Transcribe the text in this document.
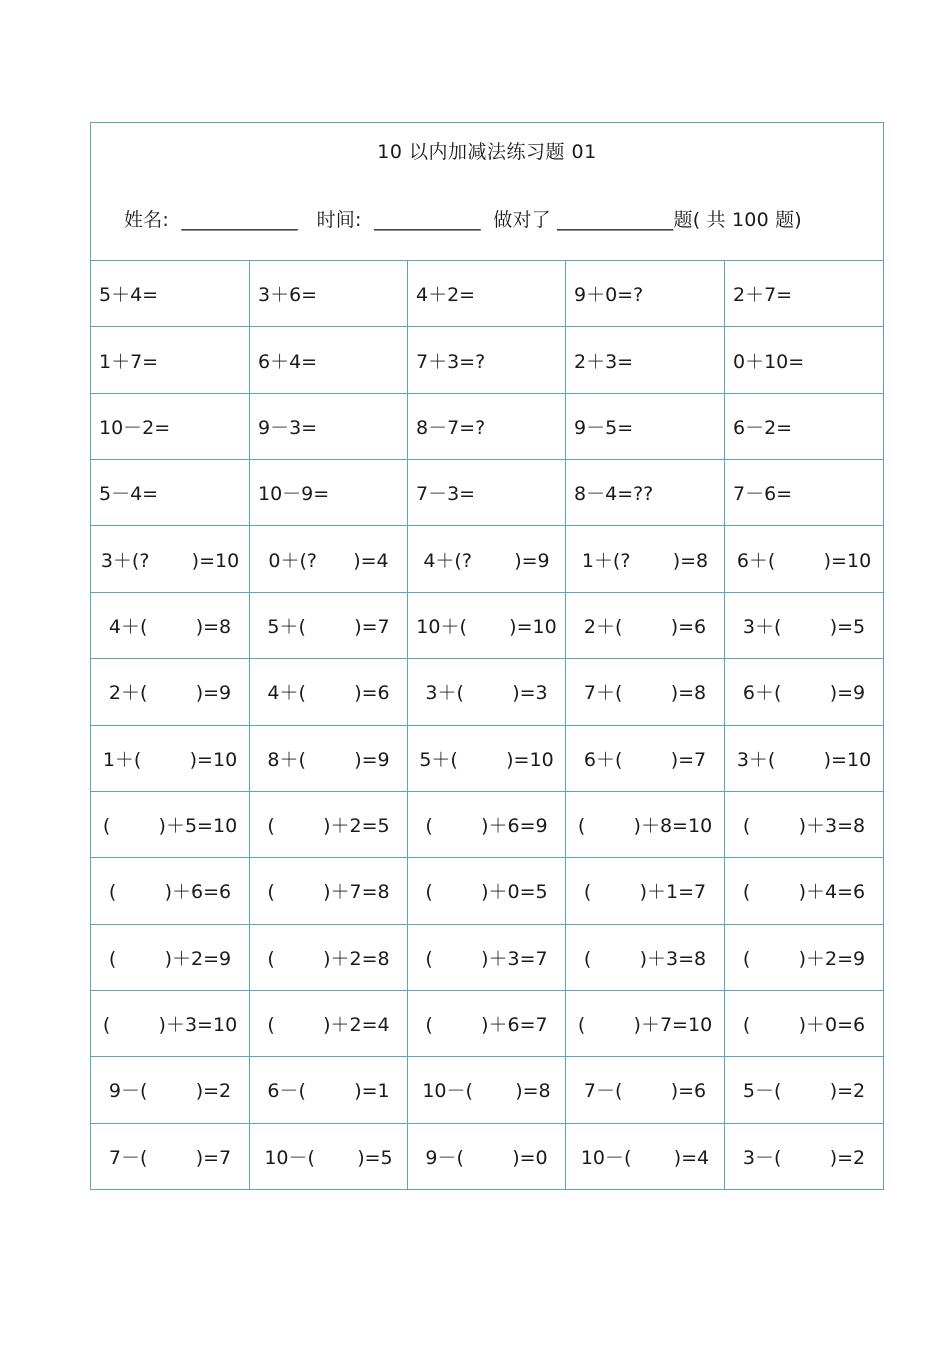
10 以内加减法练习题 01
姓名:  ____________   时间:  ___________  做对了 ____________题( 共 100 题)
5＋4=	3＋6=	4＋2=	9＋0=?	2＋7=
1＋7=	6＋4=	7＋3=?	2＋3=	0＋10=
10－2=	9－3=	8－7=?	9－5=	6－2=
5－4=	10－9=	7－3=	8－4=??	7－6=
3＋(?       )=10	0＋(?      )=4	4＋(?       )=9	1＋(?       )=8	6＋(        )=10
4＋(        )=8	5＋(        )=7	10＋(       )=10	2＋(        )=6	3＋(        )=5
2＋(        )=9	4＋(        )=6	3＋(        )=3	7＋(        )=8	6＋(        )=9
1＋(        )=10	8＋(        )=9	5＋(        )=10	6＋(        )=7	3＋(        )=10
(        )＋5=10	(        )＋2=5	(        )＋6=9	(        )＋8=10	(        )＋3=8
(        )＋6=6	(        )＋7=8	(        )＋0=5	(        )＋1=7	(        )＋4=6
(        )＋2=9	(        )＋2=8	(        )＋3=7	(        )＋3=8	(        )＋2=9
(        )＋3=10	(        )＋2=4	(        )＋6=7	(        )＋7=10	(        )＋0=6
9－(        )=2	6－(        )=1	10－(       )=8	7－(        )=6	5－(        )=2
7－(        )=7	10－(       )=5	9－(        )=0	10－(       )=4	3－(        )=2
